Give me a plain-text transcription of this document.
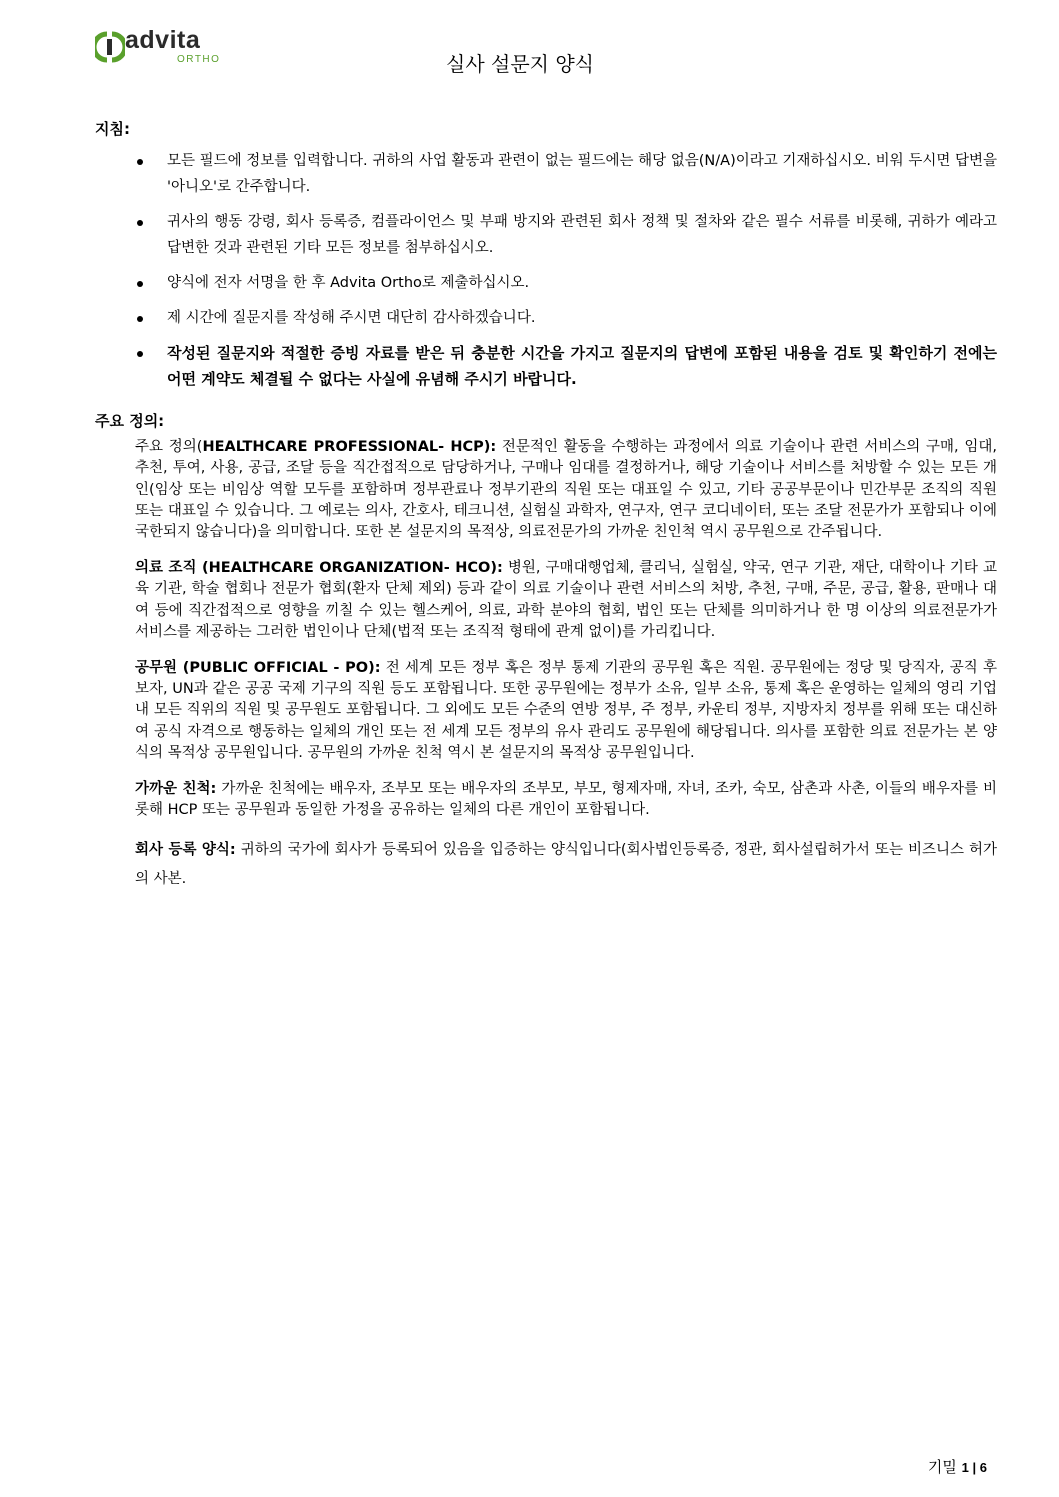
advita
ORTHO	실사 설문지 양식
지침:
모든 필드에 정보를 입력합니다. 귀하의 사업 활동과 관련이 없는 필드에는 해당 없음(N/A)이라고 기재하십시오. 비워 두시면 답변을 '아니오'로 간주합니다.
귀사의 행동 강령, 회사 등록증, 컴플라이언스 및 부패 방지와 관련된 회사 정책 및 절차와 같은 필수 서류를 비롯해, 귀하가 예라고 답변한 것과 관련된 기타 모든 정보를 첨부하십시오.
양식에 전자 서명을 한 후 Advita Ortho로 제출하십시오.
제 시간에 질문지를 작성해 주시면 대단히 감사하겠습니다.
작성된 질문지와 적절한 증빙 자료를 받은 뒤 충분한 시간을 가지고 질문지의 답변에 포함된 내용을 검토 및 확인하기 전에는 어떤 계약도 체결될 수 없다는 사실에 유념해 주시기 바랍니다.
주요 정의:

주요 정의(HEALTHCARE PROFESSIONAL- HCP): 전문적인 활동을 수행하는 과정에서 의료 기술이나 관련 서비스의 구매, 임대, 추천, 투여, 사용, 공급, 조달 등을 직간접적으로 담당하거나, 구매나 임대를 결정하거나, 해당 기술이나 서비스를 처방할 수 있는 모든 개인(임상 또는 비임상 역할 모두를 포함하며 정부관료나 정부기관의 직원 또는 대표일 수 있고, 기타 공공부문이나 민간부문 조직의 직원 또는 대표일 수 있습니다. 그 예로는 의사, 간호사, 테크니션, 실험실 과학자, 연구자, 연구 코디네이터, 또는 조달 전문가가 포함되나 이에 국한되지 않습니다)을 의미합니다. 또한 본 설문지의 목적상, 의료전문가의 가까운 친인척 역시 공무원으로 간주됩니다.

의료 조직 (HEALTHCARE ORGANIZATION- HCO): 병원, 구매대행업체, 클리닉, 실험실, 약국, 연구 기관, 재단, 대학이나 기타 교육 기관, 학술 협회나 전문가 협회(환자 단체 제외) 등과 같이 의료 기술이나 관련 서비스의 처방, 추천, 구매, 주문, 공급, 활용, 판매나 대여 등에 직간접적으로 영향을 끼칠 수 있는 헬스케어, 의료, 과학 분야의 협회, 법인 또는 단체를 의미하거나 한 명 이상의 의료전문가가 서비스를 제공하는 그러한 법인이나 단체(법적 또는 조직적 형태에 관계 없이)를 가리킵니다.

공무원 (PUBLIC OFFICIAL - PO): 전 세계 모든 정부 혹은 정부 통제 기관의 공무원 혹은 직원. 공무원에는 정당 및 당직자, 공직 후보자, UN과 같은 공공 국제 기구의 직원 등도 포함됩니다. 또한 공무원에는 정부가 소유, 일부 소유, 통제 혹은 운영하는 일체의 영리 기업내 모든 직위의 직원 및 공무원도 포함됩니다. 그 외에도 모든 수준의 연방 정부, 주 정부, 카운티 정부, 지방자치 정부를 위해 또는 대신하여 공식 자격으로 행동하는 일체의 개인 또는 전 세계 모든 정부의 유사 관리도 공무원에 해당됩니다. 의사를 포함한 의료 전문가는 본 양식의 목적상 공무원입니다. 공무원의 가까운 친척 역시 본 설문지의 목적상 공무원입니다.

가까운 친척: 가까운 친척에는 배우자, 조부모 또는 배우자의 조부모, 부모, 형제자매, 자녀, 조카, 숙모, 삼촌과 사촌, 이들의 배우자를 비롯해 HCP 또는 공무원과 동일한 가정을 공유하는 일체의 다른 개인이 포함됩니다.

회사 등록 양식: 귀하의 국가에 회사가 등록되어 있음을 입증하는 양식입니다(회사법인등록증, 정관, 회사설립허가서 또는 비즈니스 허가의 사본.

기밀 1 | 6
